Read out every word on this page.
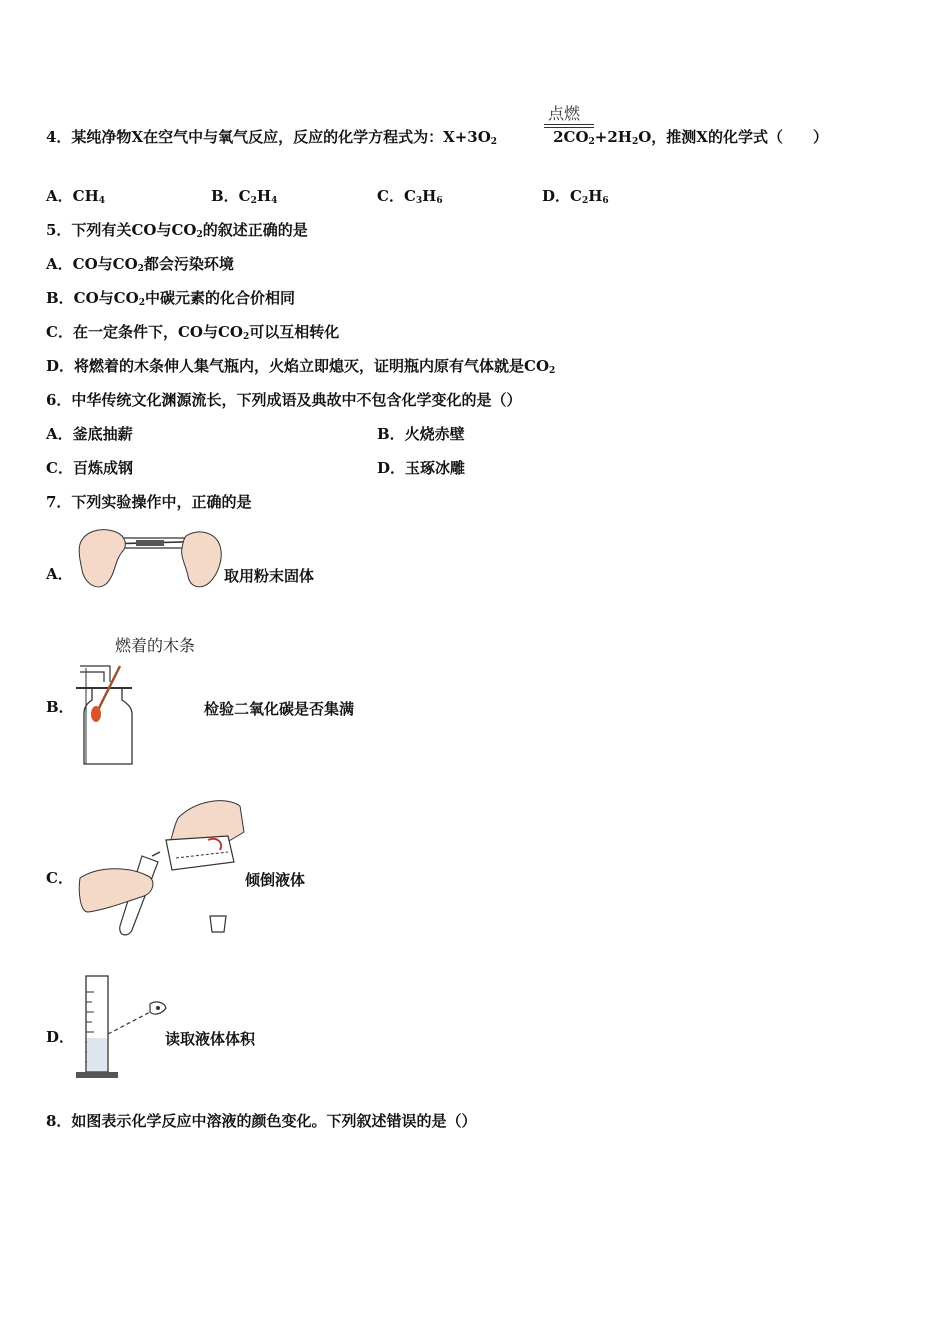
点燃
4．某纯净物X在空气中与氧气反应，反应的化学方程式为：$X+3O_2$	$2CO_2+2H_2O$，推测X的化学式（　　）
A．$CH_4$	B．$C_2H_4$	C．$C_3H_6$	D．$C_2H_6$
5．下列有关CO与$CO_2$的叙述正确的是
A．CO与$CO_2$都会污染环境
B．CO与$CO_2$中碳元素的化合价相同
C．在一定条件下，CO与$CO_2$可以互相转化
D．将燃着的木条伸人集气瓶内，火焰立即熄灭，证明瓶内原有气体就是$CO_2$
6．中华传统文化渊源流长，下列成语及典故中不包含化学变化的是（）
A．釜底抽薪	B．火烧赤壁
C．百炼成钢	D．玉琢冰雕
7．下列实验操作中，正确的是
A．	取用粉末固体
燃着的木条
B．	检验二氧化碳是否集满
C．	倾倒液体
D．	读取液体体积
8．如图表示化学反应中溶液的颜色变化。下列叙述错误的是（）
